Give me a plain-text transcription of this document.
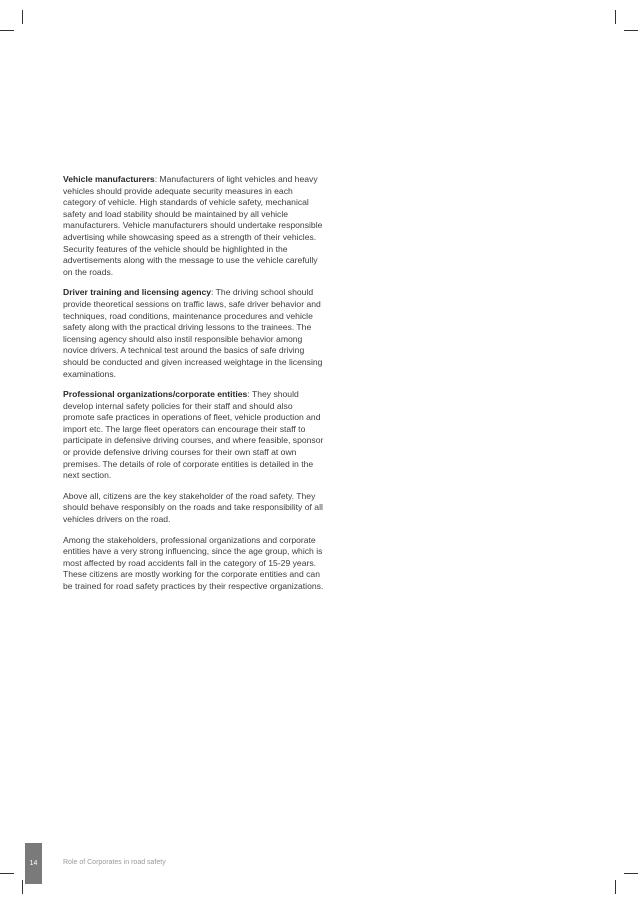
Vehicle manufacturers: Manufacturers of light vehicles and heavy vehicles should provide adequate security measures in each category of vehicle. High standards of vehicle safety, mechanical safety and load stability should be maintained by all vehicle manufacturers. Vehicle manufacturers should undertake responsible advertising while showcasing speed as a strength of their vehicles. Security features of the vehicle should be highlighted in the advertisements along with the message to use the vehicle carefully on the roads.

Driver training and licensing agency: The driving school should provide theoretical sessions on traffic laws, safe driver behavior and techniques, road conditions, maintenance procedures and vehicle safety along with the practical driving lessons to the trainees. The licensing agency should also instil responsible behavior among novice drivers. A technical test around the basics of safe driving should be conducted and given increased weightage in the licensing examinations.

Professional organizations/corporate entities: They should develop internal safety policies for their staff and should also promote safe practices in operations of fleet, vehicle production and import etc. The large fleet operators can encourage their staff to participate in defensive driving courses, and where feasible, sponsor or provide defensive driving courses for their own staff at own premises. The details of role of corporate entities is detailed in the next section.

Above all, citizens are the key stakeholder of the road safety. They should behave responsibly on the roads and take responsibility of all vehicles drivers on the road.

Among the stakeholders, professional organizations and corporate entities have a very strong influencing, since the age group, which is most affected by road accidents fall in the category of 15-29 years. These citizens are mostly working for the corporate entities and can be trained for road safety practices by their respective organizations.

14	Role of Corporates in road safety
